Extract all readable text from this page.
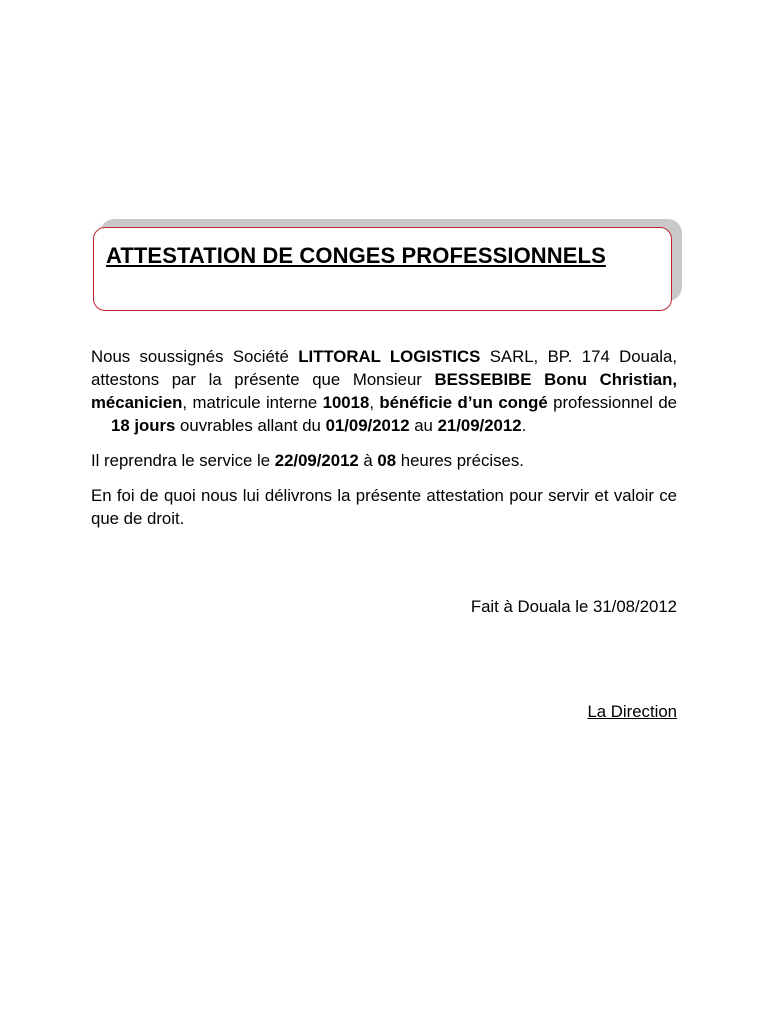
ATTESTATION DE CONGES PROFESSIONNELS

Nous soussignés Société LITTORAL LOGISTICS SARL, BP. 174 Douala, attestons par la présente que Monsieur BESSEBIBE Bonu Christian, mécanicien, matricule interne 10018, bénéficie d’un congé professionnel de 18 jours ouvrables allant du 01/09/2012 au 21/09/2012.

Il reprendra le service le 22/09/2012 à 08 heures précises.

En foi de quoi nous lui délivrons la présente attestation pour servir et valoir ce que de droit.

Fait à Douala le 31/08/2012
La Direction
